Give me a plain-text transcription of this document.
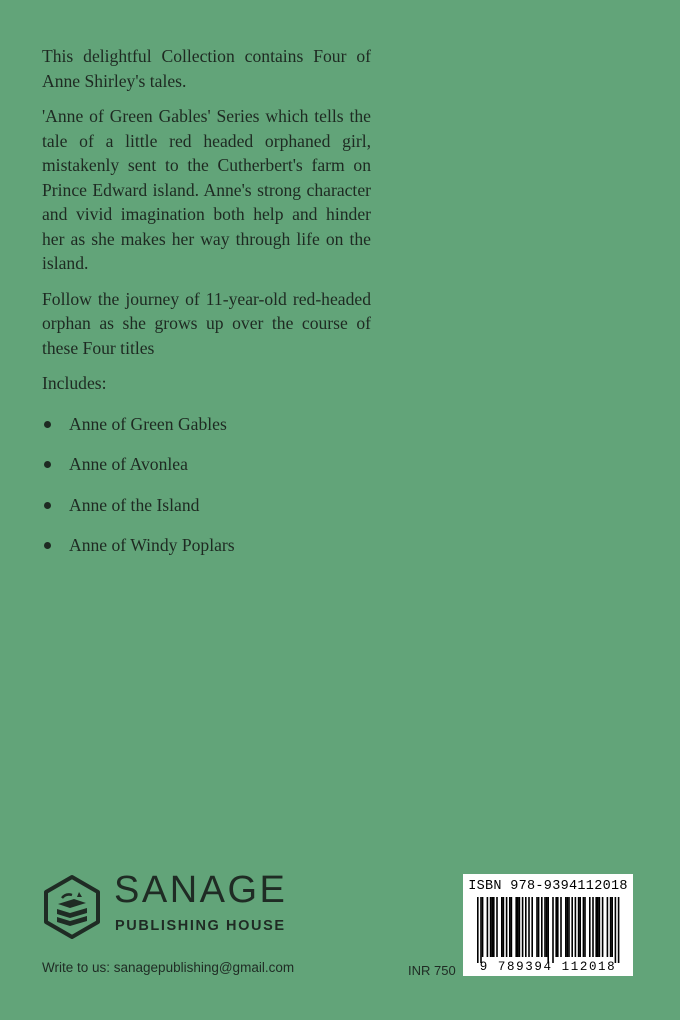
This delightful Collection contains Four of Anne Shirley's tales.

'Anne of Green Gables' Series which tells the tale of a little red headed orphaned girl, mistakenly sent to the Cutherbert's farm on Prince Edward island. Anne's strong character and vivid imagination both help and hinder her as she makes her way through life on the island.

Follow the journey of 11-year-old red-headed orphan as she grows up over the course of these Four titles

Includes:

Anne of Green Gables
Anne of Avonlea
Anne of the Island
Anne of Windy Poplars
SANAGE
PUBLISHING HOUSE
Write to us: sanagepublishing@gmail.com	INR 750
ISBN 978-9394112018
9 789394 112018
